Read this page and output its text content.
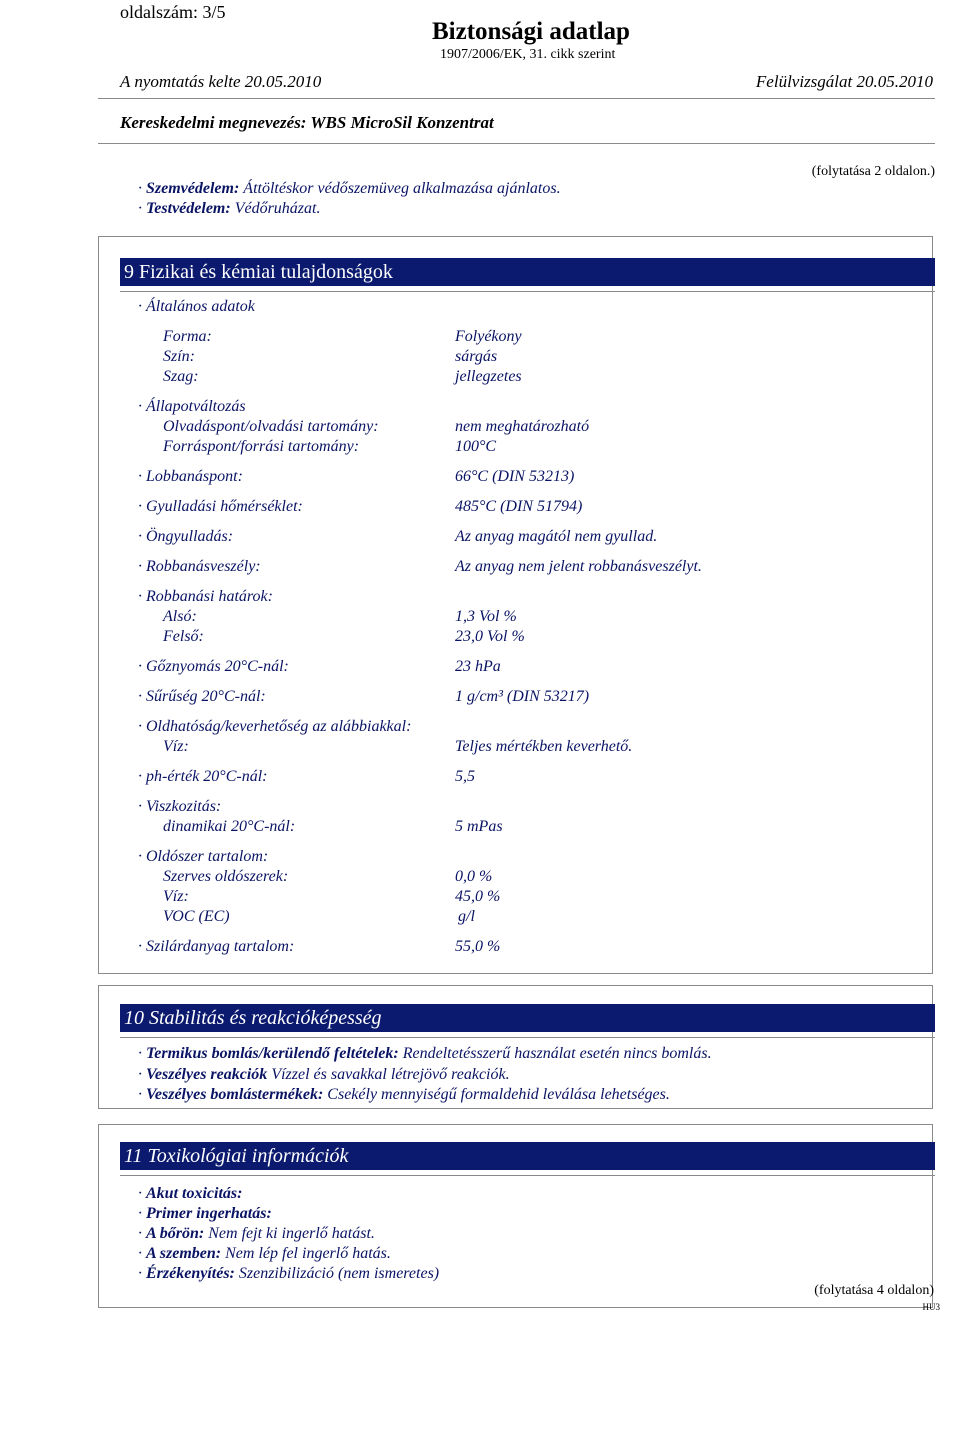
oldalszám: 3/5
Biztonsági adatlap
1907/2006/EK, 31. cikk szerint
A nyomtatás kelte 20.05.2010	Felülvizsgálat 20.05.2010
Kereskedelmi megnevezés: WBS MicroSil Konzentrat
(folytatása 2 oldalon.)
· Szemvédelem: Áttöltéskor védőszemüveg alkalmazása ajánlatos.
· Testvédelem: Védőruházat.
9 Fizikai és kémiai tulajdonságok
· Általános adatok
Forma:	Folyékony
Szín:	sárgás
Szag:	jellegzetes
· Állapotváltozás
Olvadáspont/olvadási tartomány:	nem meghatározható
Forráspont/forrási tartomány:	100°C
· Lobbanáspont:	66°C (DIN 53213)
· Gyulladási hőmérséklet:	485°C (DIN 51794)
· Öngyulladás:	Az anyag magától nem gyullad.
· Robbanásveszély:	Az anyag nem jelent robbanásveszélyt.
· Robbanási határok:
Alsó:	1,3 Vol %
Felső:	23,0 Vol %
· Gőznyomás 20°C-nál:	23 hPa
· Sűrűség 20°C-nál:	1 g/cm³ (DIN 53217)
· Oldhatóság/keverhetőség az alábbiakkal:
Víz:	Teljes mértékben keverhető.
· ph-érték 20°C-nál:	5,5
· Viszkozitás:
dinamikai 20°C-nál:	5 mPas
· Oldószer tartalom:
Szerves oldószerek:	0,0 %
Víz:	45,0 %
VOC (EC)	g/l
· Szilárdanyag tartalom:	55,0 %
10 Stabilitás és reakcióképesség
· Termikus bomlás/kerülendő feltételek: Rendeltetésszerű használat esetén nincs bomlás.
· Veszélyes reakciók Vízzel és savakkal létrejövő reakciók.
· Veszélyes bomlástermékek: Csekély mennyiségű formaldehid leválása lehetséges.
11 Toxikológiai információk
· Akut toxicitás:
· Primer ingerhatás:
· A bőrön: Nem fejt ki ingerlő hatást.
· A szemben: Nem lép fel ingerlő hatás.
· Érzékenyítés: Szenzibilizáció (nem ismeretes)
(folytatása 4 oldalon)
HU3
